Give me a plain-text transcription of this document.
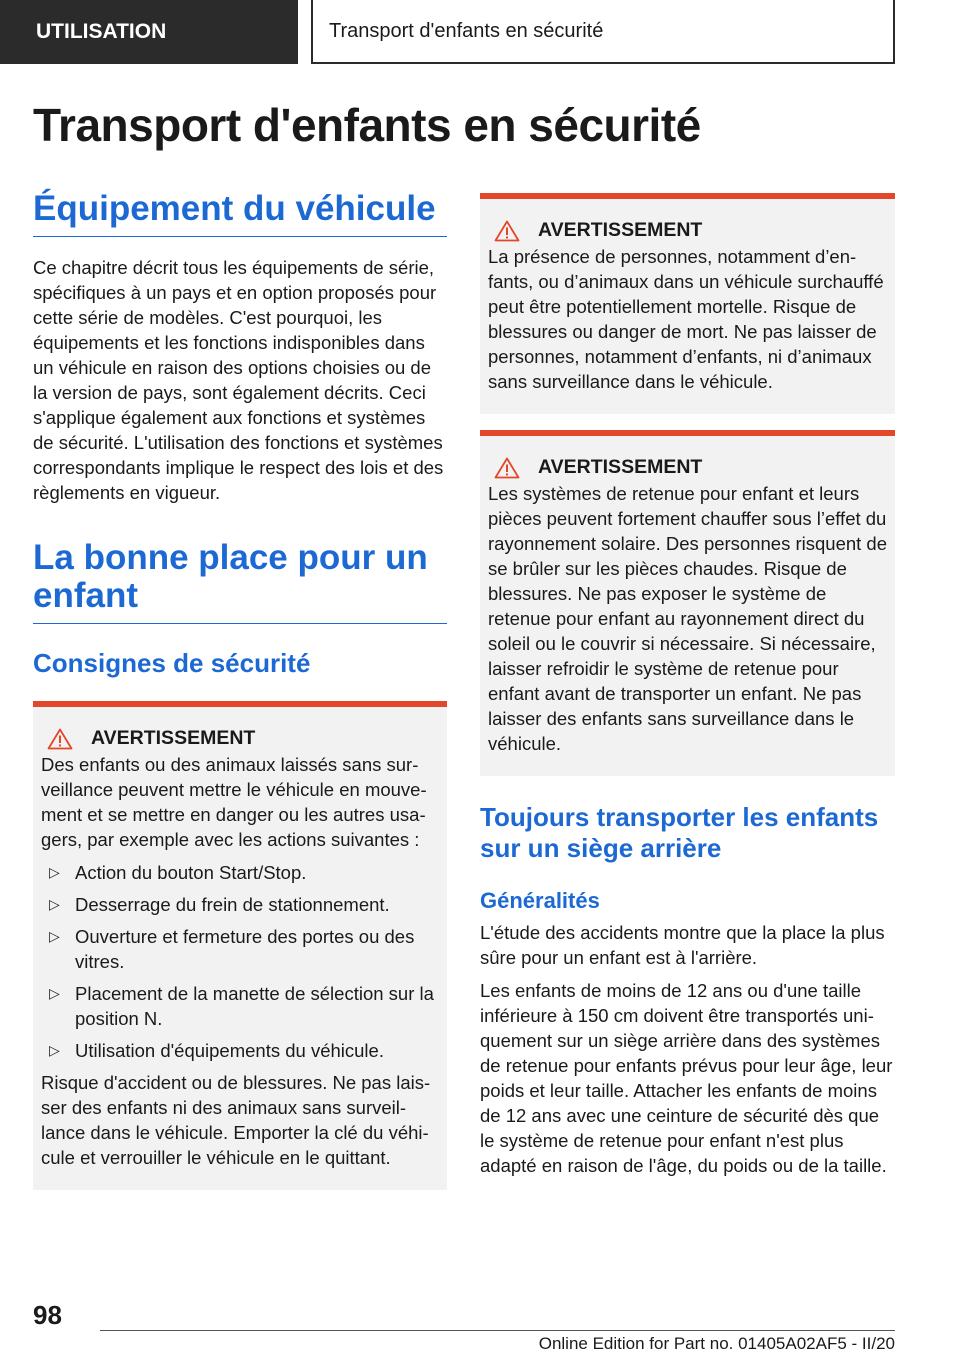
UTILISATION	Transport d'enfants en sécurité
Transport d'enfants en sécurité
Équipement du véhicule

Ce chapitre décrit tous les équipements de série, spécifiques à un pays et en option proposés pour cette série de modèles. C'est pourquoi, les équipements et les fonctions indisponibles dans un véhicule en raison des options choisies ou de la version de pays, sont également décrits. Ceci s'applique également aux fonctions et systèmes de sécurité. L'utilisation des fonctions et systèmes correspondants implique le respect des lois et des règlements en vigueur.

La bonne place pour un enfant
Consignes de sécurité
AVERTISSEMENT

Des enfants ou des animaux laissés sans surveillance peuvent mettre le véhicule en mouvement et se mettre en danger ou les autres usagers, par exemple avec les actions suivantes :

▷ Action du bouton Start/Stop.
▷ Desserrage du frein de stationnement.
▷ Ouverture et fermeture des portes ou des vitres.
▷ Placement de la manette de sélection sur la position N.
▷ Utilisation d'équipements du véhicule.

Risque d'accident ou de blessures. Ne pas laisser des enfants ni des animaux sans surveillance dans le véhicule. Emporter la clé du véhicule et verrouiller le véhicule en le quittant.

AVERTISSEMENT

La présence de personnes, notamment d’enfants, ou d’animaux dans un véhicule surchauffé peut être potentiellement mortelle. Risque de blessures ou danger de mort. Ne pas laisser de personnes, notamment d’enfants, ni d’animaux sans surveillance dans le véhicule.

AVERTISSEMENT

Les systèmes de retenue pour enfant et leurs pièces peuvent fortement chauffer sous l’effet du rayonnement solaire. Des personnes risquent de se brûler sur les pièces chaudes. Risque de blessures. Ne pas exposer le système de retenue pour enfant au rayonnement direct du soleil ou le couvrir si nécessaire. Si nécessaire, laisser refroidir le système de retenue pour enfant avant de transporter un enfant. Ne pas laisser des enfants sans surveillance dans le véhicule.

Toujours transporter les enfants sur un siège arrière
Généralités

L'étude des accidents montre que la place la plus sûre pour un enfant est à l'arrière.

Les enfants de moins de 12 ans ou d'une taille inférieure à 150 cm doivent être transportés uniquement sur un siège arrière dans des systèmes de retenue pour enfants prévus pour leur âge, leur poids et leur taille. Attacher les enfants de moins de 12 ans avec une ceinture de sécurité dès que le système de retenue pour enfant n'est plus adapté en raison de l'âge, du poids ou de la taille.

98

Online Edition for Part no. 01405A02AF5 - II/20
